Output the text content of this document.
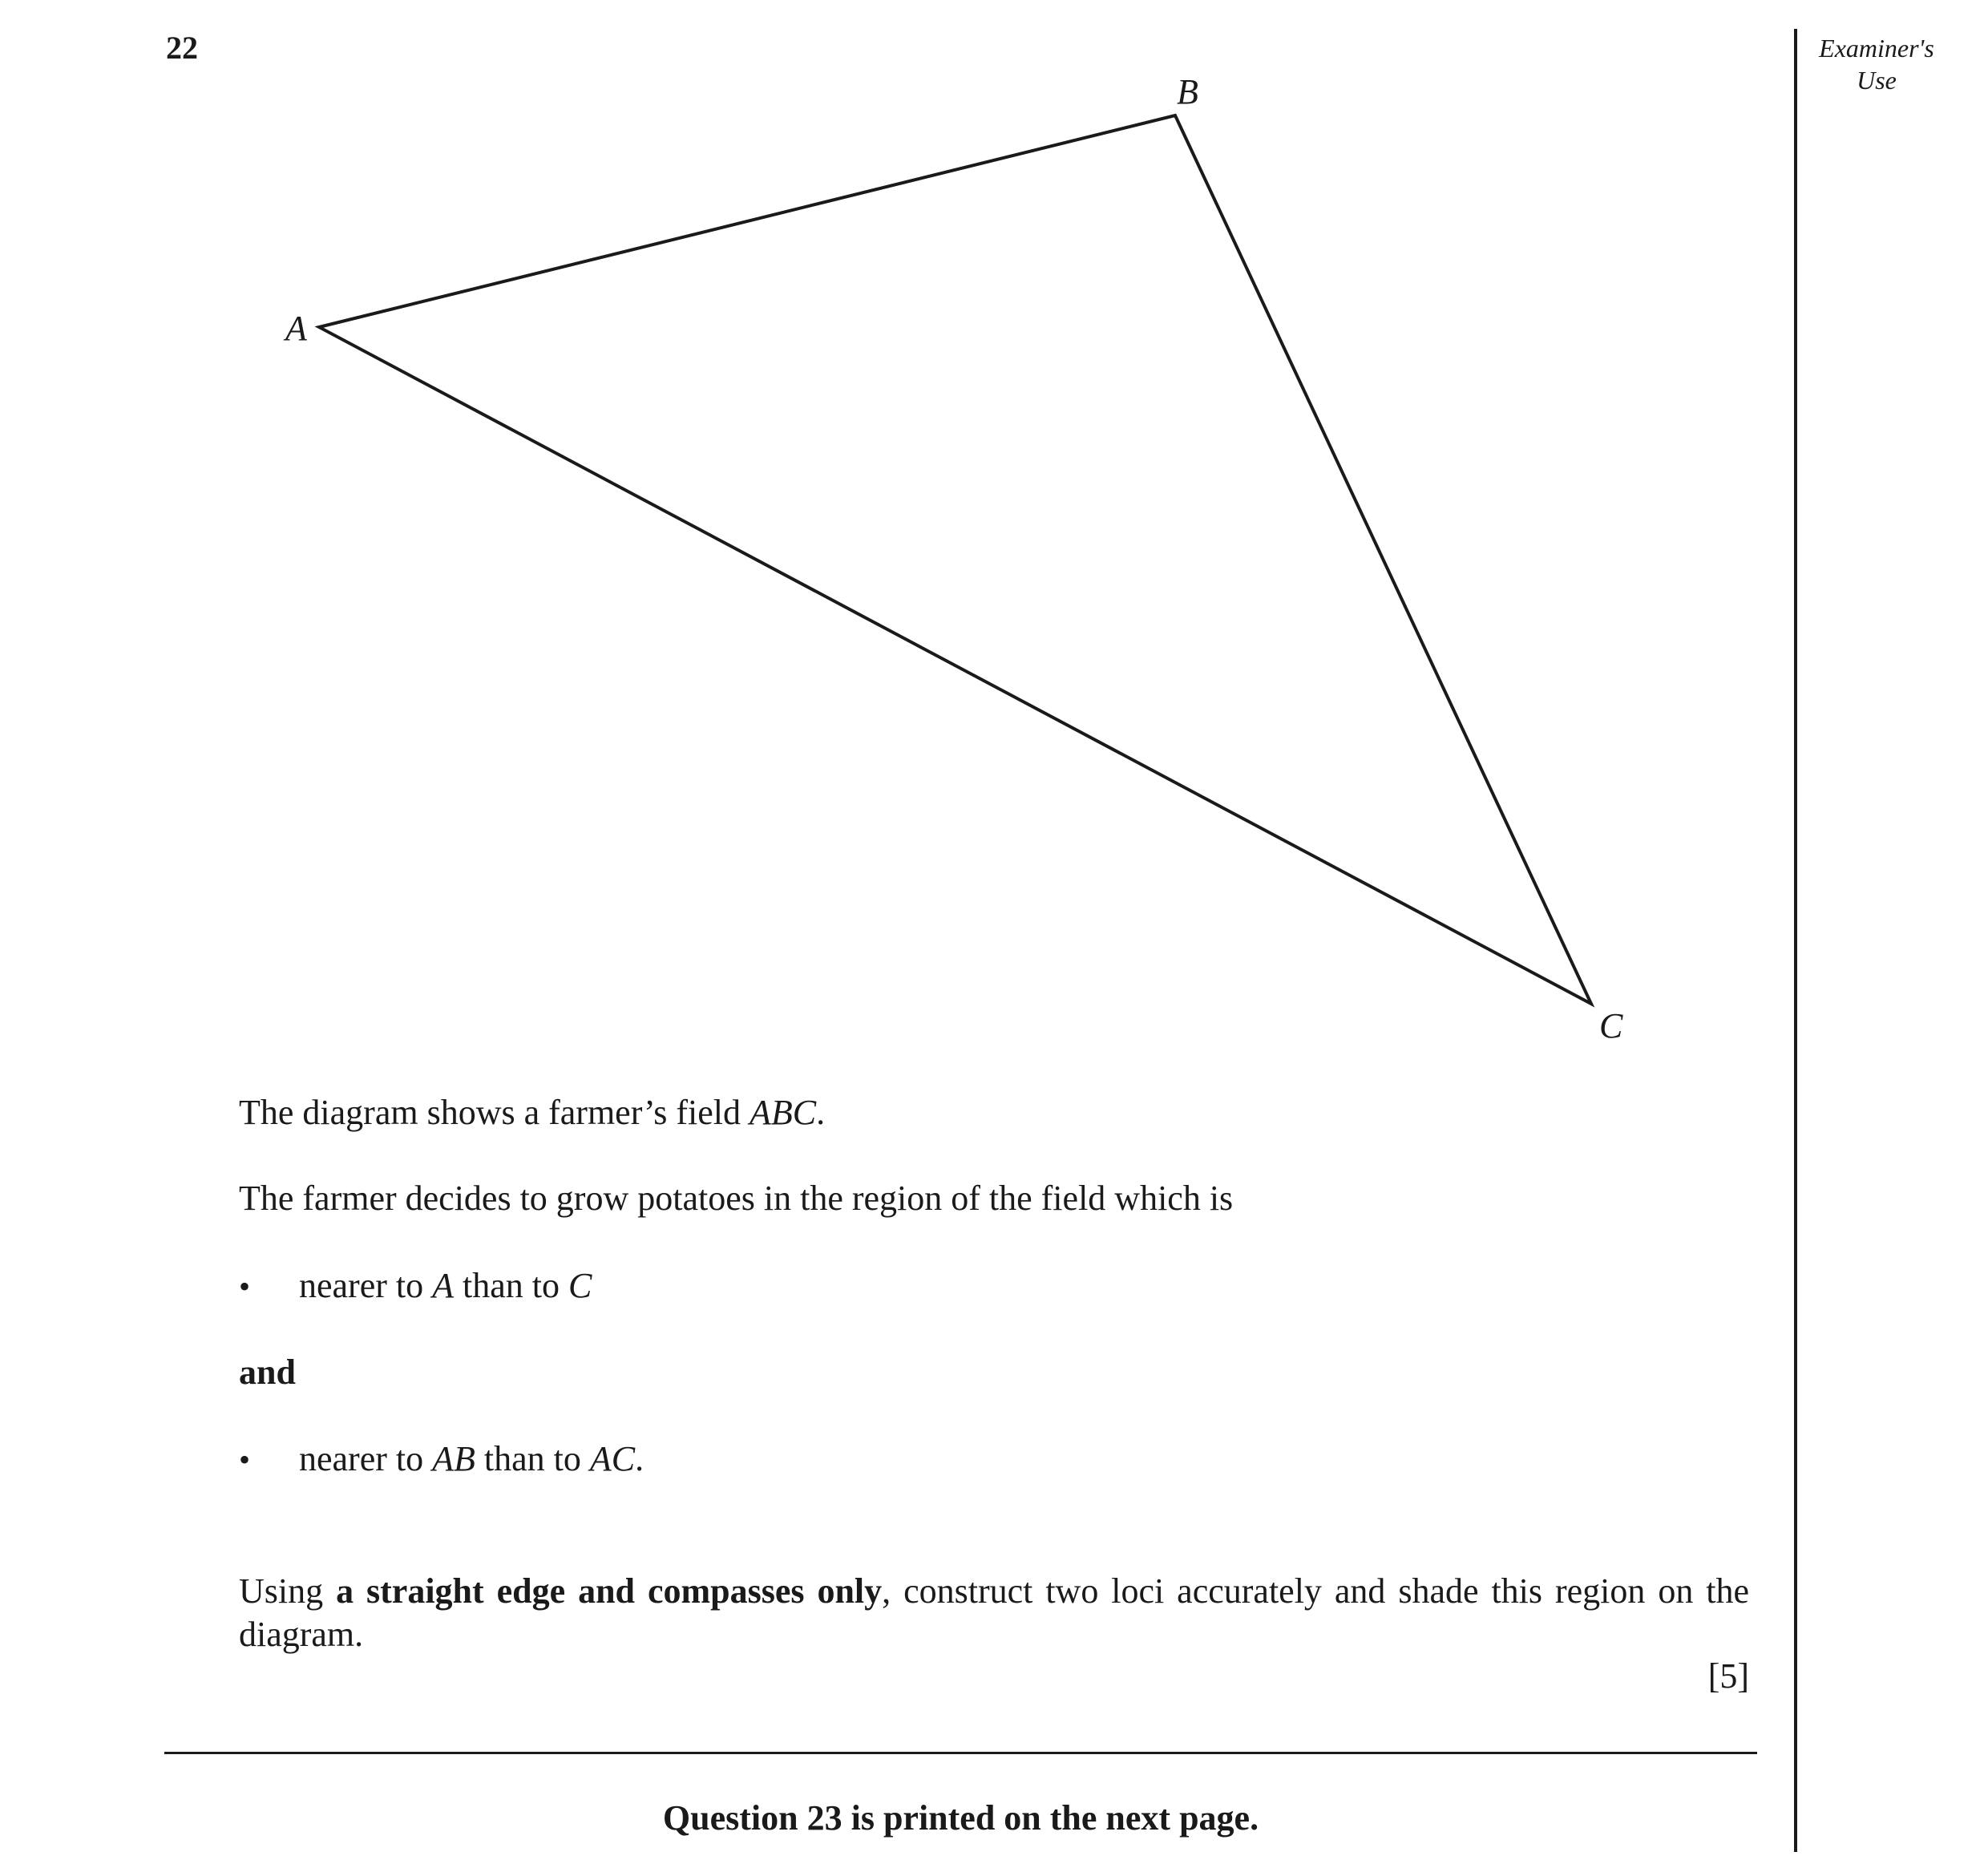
22	Examiner's
Use
A
B
C
The diagram shows a farmer’s field ABC.
The farmer decides to grow potatoes in the region of the field which is
•	nearer to A than to C
and
•	nearer to AB than to AC.
Using a straight edge and compasses only, construct two loci accurately and shade this region on the diagram.
[5]
Question 23 is printed on the next page.
